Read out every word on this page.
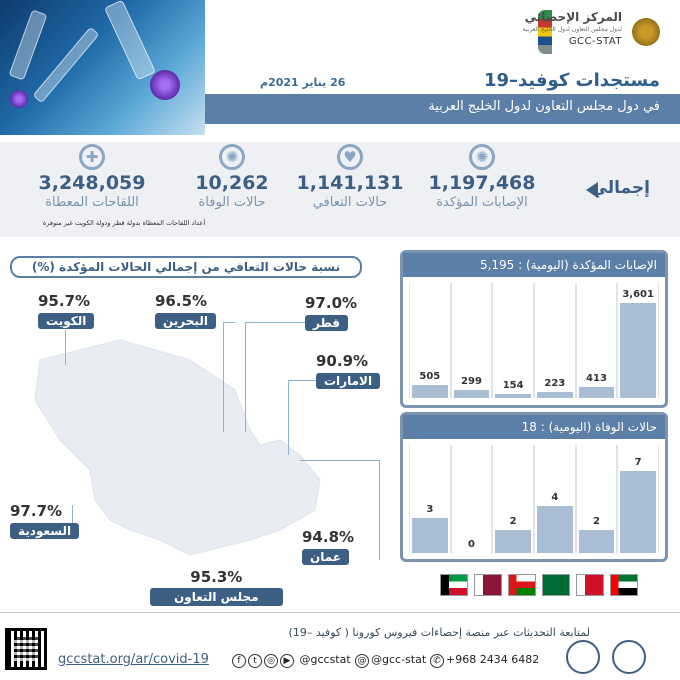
المركز الإحصائي
لدول مجلس التعاون لدول الخليج العربية
GCC-STAT
مستجدات كوفيد–19
26 يناير 2021م
في دول مجلس التعاون لدول الخليج العربية
إجمالي
✺
1,197,468
الإصابات المؤكدة
♥
1,141,131
حالات التعافي
✺
10,262
حالات الوفاة
✚
3,248,059
اللقاحات المعطاة
أعداد اللقاحات المعطاة بدولة قطر ودولة الكويت غير متوفرة
الإصابات المؤكدة (اليومية) : 5,195
505	299	154	223	413
3,601
حالات الوفاة (اليومية) : 18
3
0
2
4
2
7
نسبة حالات التعافي من إجمالي الحالات المؤكدة (%)
95.7%
الكويت
96.5%
البحرين
97.0%
قطر
90.9%
الامارات
97.7%
السعودية	94.8%
عمان
95.3%
مجلس التعاون
لمتابعة التحديثات عبر منصة إحصاءات فيروس كورونا ( كوفيد –19)
gccstat.org/ar/covid-19	f t ◎ ▶ @gccstat @ @gcc-stat ✆ +968 2434 6482
